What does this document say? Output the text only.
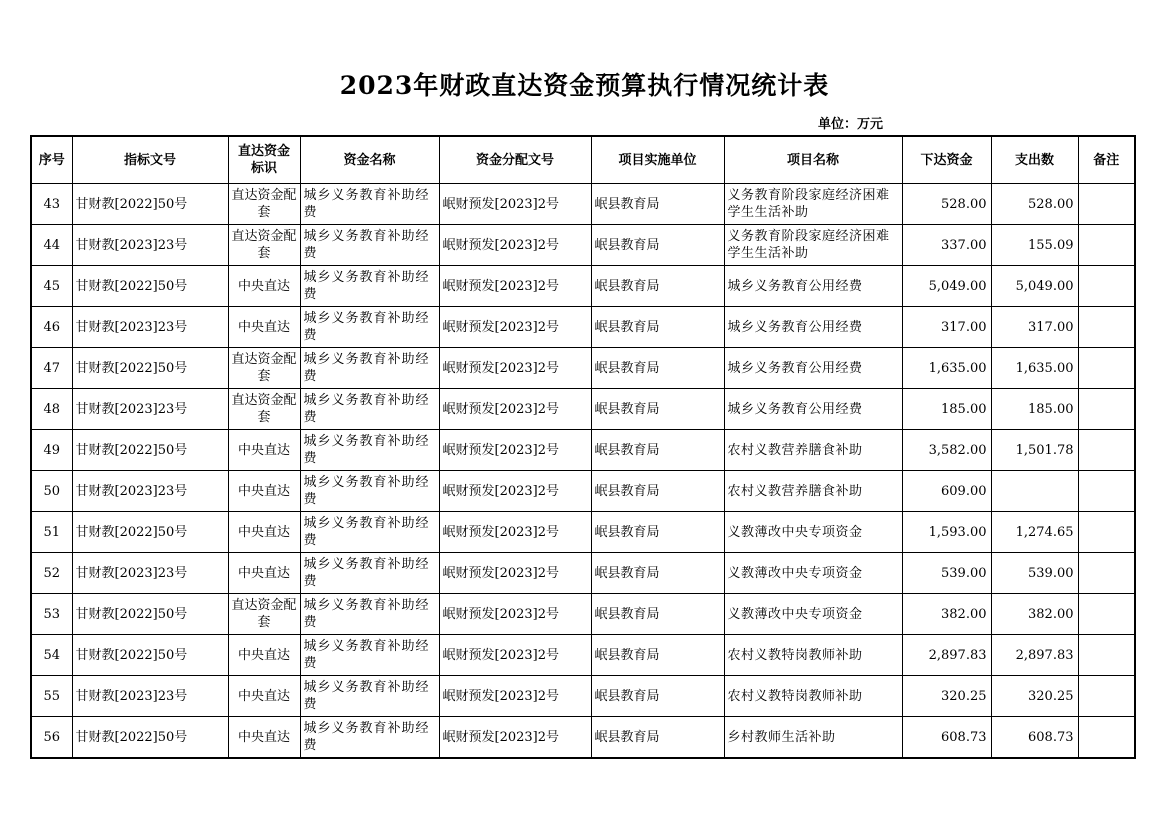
2023年财政直达资金预算执行情况统计表
单位：万元
序号	指标文号	直达资金标识	资金名称	资金分配文号	项目实施单位	项目名称	下达资金	支出数	备注
43	甘财教[2022]50号	直达资金配套	城乡义务教育补助经费	岷财预发[2023]2号	岷县教育局	义务教育阶段家庭经济困难学生生活补助	528.00	528.00	
44	甘财教[2023]23号	直达资金配套	城乡义务教育补助经费	岷财预发[2023]2号	岷县教育局	义务教育阶段家庭经济困难学生生活补助	337.00	155.09	
45	甘财教[2022]50号	中央直达	城乡义务教育补助经费	岷财预发[2023]2号	岷县教育局	城乡义务教育公用经费	5,049.00	5,049.00	
46	甘财教[2023]23号	中央直达	城乡义务教育补助经费	岷财预发[2023]2号	岷县教育局	城乡义务教育公用经费	317.00	317.00	
47	甘财教[2022]50号	直达资金配套	城乡义务教育补助经费	岷财预发[2023]2号	岷县教育局	城乡义务教育公用经费	1,635.00	1,635.00	
48	甘财教[2023]23号	直达资金配套	城乡义务教育补助经费	岷财预发[2023]2号	岷县教育局	城乡义务教育公用经费	185.00	185.00	
49	甘财教[2022]50号	中央直达	城乡义务教育补助经费	岷财预发[2023]2号	岷县教育局	农村义教营养膳食补助	3,582.00	1,501.78	
50	甘财教[2023]23号	中央直达	城乡义务教育补助经费	岷财预发[2023]2号	岷县教育局	农村义教营养膳食补助	609.00		
51	甘财教[2022]50号	中央直达	城乡义务教育补助经费	岷财预发[2023]2号	岷县教育局	义教薄改中央专项资金	1,593.00	1,274.65	
52	甘财教[2023]23号	中央直达	城乡义务教育补助经费	岷财预发[2023]2号	岷县教育局	义教薄改中央专项资金	539.00	539.00	
53	甘财教[2022]50号	直达资金配套	城乡义务教育补助经费	岷财预发[2023]2号	岷县教育局	义教薄改中央专项资金	382.00	382.00	
54	甘财教[2022]50号	中央直达	城乡义务教育补助经费	岷财预发[2023]2号	岷县教育局	农村义教特岗教师补助	2,897.83	2,897.83	
55	甘财教[2023]23号	中央直达	城乡义务教育补助经费	岷财预发[2023]2号	岷县教育局	农村义教特岗教师补助	320.25	320.25	
56	甘财教[2022]50号	中央直达	城乡义务教育补助经费	岷财预发[2023]2号	岷县教育局	乡村教师生活补助	608.73	608.73	
